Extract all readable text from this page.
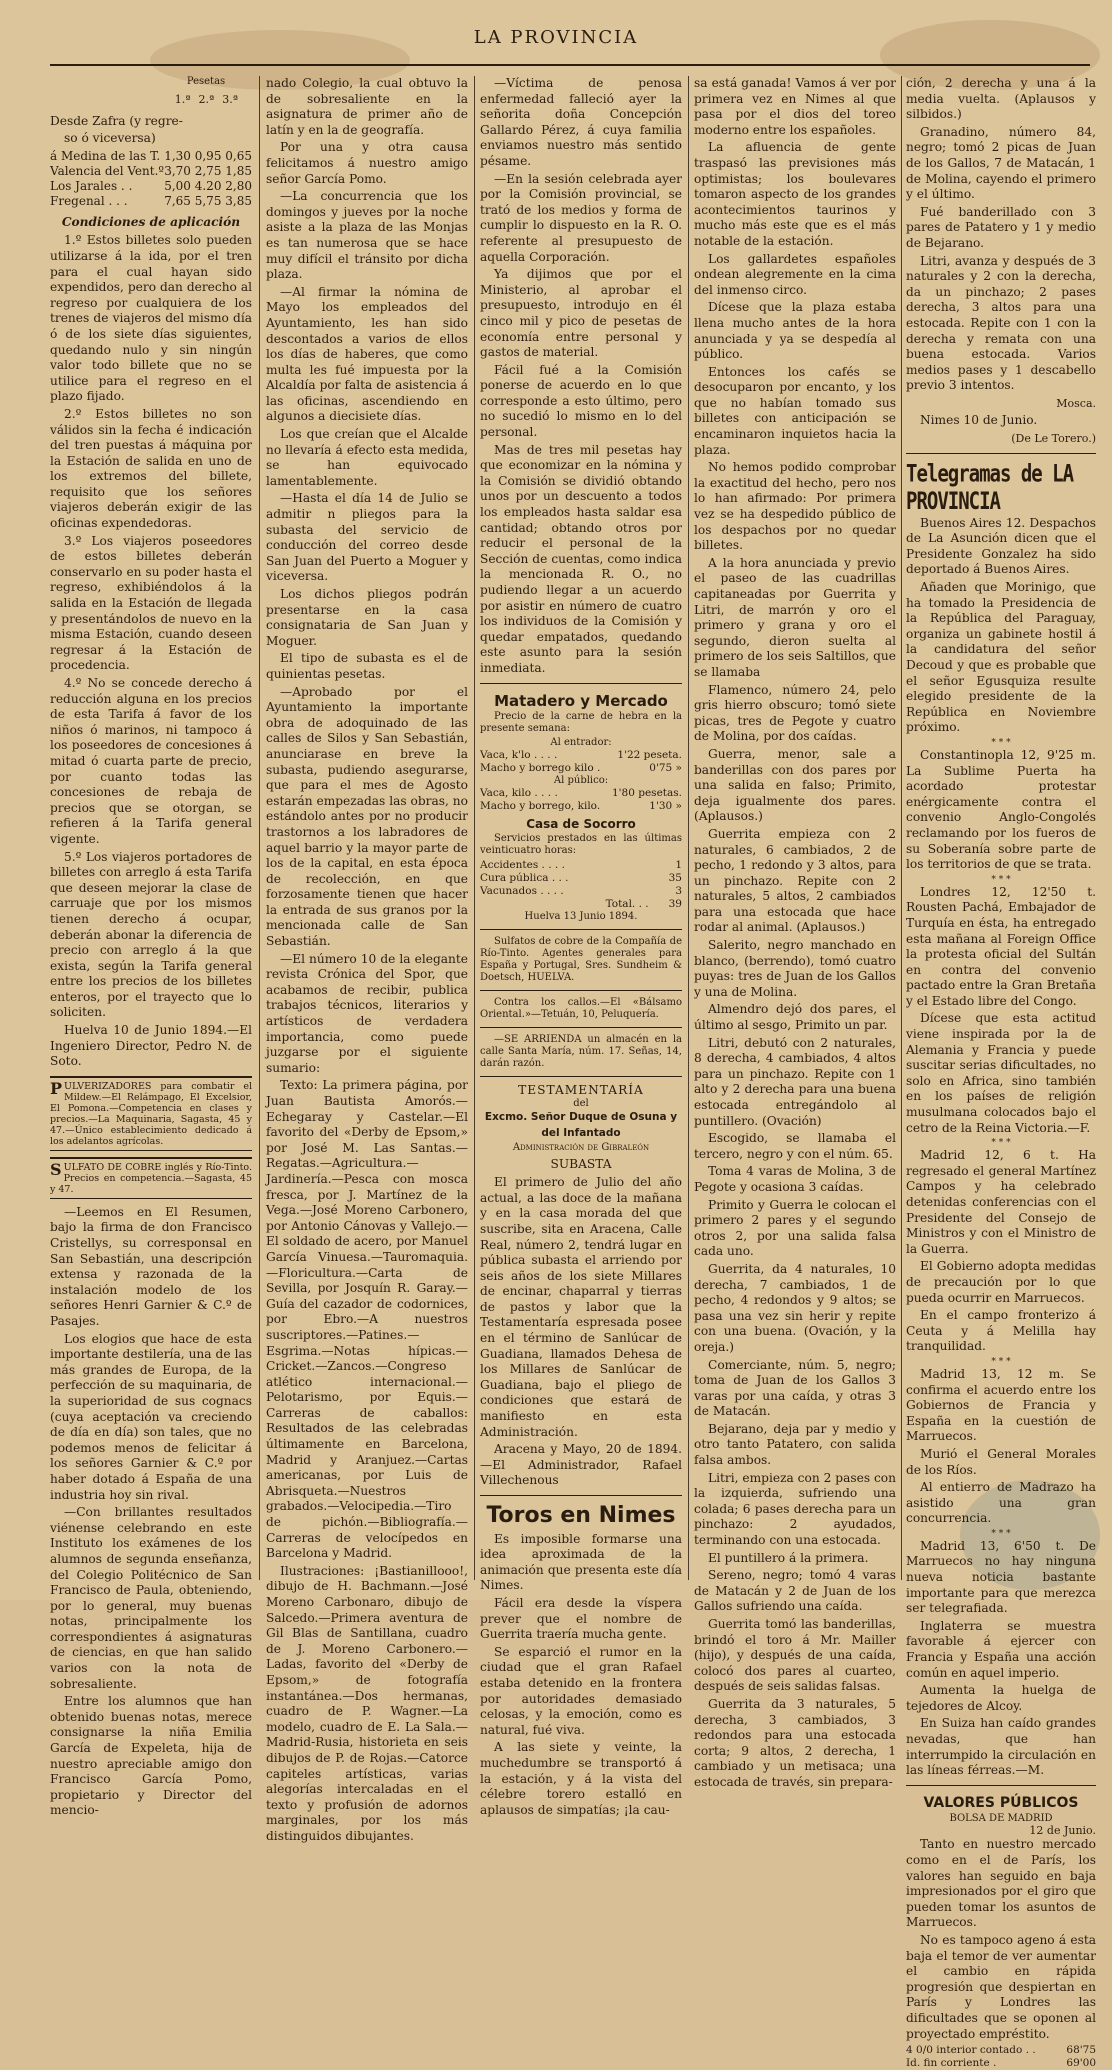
LA PROVINCIA
Pesetas
1.ª 2.ª 3.ª

Desde Zafra (y regre-

so ó viceversa)

á Medina de las T. 1,30 0,95 0,65
Valencia del Vent.º 3,70 2,75 1,85
Los Jarales . .	5,00 4.20 2,80
Fregenal . . .	7,65 5,75 3,85
Condiciones de aplicación

1.º Estos billetes solo pueden utilizarse á la ida, por el tren para el cual hayan sido expendidos, pero dan derecho al regreso por cualquiera de los trenes de viajeros del mismo día ó de los siete días siguientes, quedando nulo y sin ningún valor todo billete que no se utilice para el regreso en el plazo fijado.

2.º Estos billetes no son válidos sin la fecha é indicación del tren puestas á máquina por la Estación de salida en uno de los extremos del billete, requisito que los señores viajeros deberán exigir de las oficinas expendedoras.

3.º Los viajeros poseedores de estos billetes deberán conservarlo en su poder hasta el regreso, exhibiéndolos á la salida en la Estación de llegada y presentándolos de nuevo en la misma Estación, cuando deseen regresar á la Estación de procedencia.

4.º No se concede derecho á reducción alguna en los precios de esta Tarifa á favor de los niños ó marinos, ni tampoco á los poseedores de concesiones á mitad ó cuarta parte de precio, por cuanto todas las concesiones de rebaja de precios que se otorgan, se refieren á la Tarifa general vigente.

5.º Los viajeros portadores de billetes con arreglo á esta Tarifa que deseen mejorar la clase de carruaje que por los mismos tienen derecho á ocupar, deberán abonar la diferencia de precio con arreglo á la que exista, según la Tarifa general entre los precios de los billetes enteros, por el trayecto que lo soliciten.

Huelva 10 de Junio 1894.—El Ingeniero Director, Pedro N. de Soto.

PULVERIZADORES para combatir el Mildew.—El Relámpago, El Excelsior, El Pomona.—Competencia en clases y precios.—La Maquinaria, Sagasta, 45 y 47.—Único establecimiento dedicado á los adelantos agrícolas.
SULFATO DE COBRE inglés y Río-Tinto. Precios en competencia.—Sagasta, 45 y 47.

—Leemos en El Resumen, bajo la firma de don Francisco Cristellys, su corresponsal en San Sebastián, una descripción extensa y razonada de la instalación modelo de los señores Henri Garnier & C.º de Pasajes.

Los elogios que hace de esta importante destilería, una de las más grandes de Europa, de la perfección de su maquinaria, de la superioridad de sus cognacs (cuya aceptación va creciendo de día en día) son tales, que no podemos menos de felicitar á los señores Garnier & C.º por haber dotado á España de una industria hoy sin rival.

—Con brillantes resultados viénense celebrando en este Instituto los exámenes de los alumnos de segunda enseñanza, del Colegio Politécnico de San Francisco de Paula, obteniendo, por lo general, muy buenas notas, principalmente los correspondientes á asignaturas de ciencias, en que han salido varios con la nota de sobresaliente.

Entre los alumnos que han obtenido buenas notas, merece consignarse la niña Emilia García de Expeleta, hija de nuestro apreciable amigo don Francisco García Pomo, propietario y Director del mencio-

nado Colegio, la cual obtuvo la de sobresaliente en la asignatura de primer año de latín y en la de geografía.

Por una y otra causa felicitamos á nuestro amigo señor García Pomo.

—La concurrencia que los domingos y jueves por la noche asiste a la plaza de las Monjas es tan numerosa que se hace muy difícil el tránsito por dicha plaza.

—Al firmar la nómina de Mayo los empleados del Ayuntamiento, les han sido descontados a varios de ellos los días de haberes, que como multa les fué impuesta por la Alcaldía por falta de asistencia á las oficinas, ascendiendo en algunos a diecisiete días.

Los que creían que el Alcalde no llevaría á efecto esta medida, se han equivocado lamentablemente.

—Hasta el día 14 de Julio se admitir n pliegos para la subasta del servicio de conducción del correo desde San Juan del Puerto a Moguer y viceversa.

Los dichos pliegos podrán presentarse en la casa consignataria de San Juan y Moguer.

El tipo de subasta es el de quinientas pesetas.

—Aprobado por el Ayuntamiento la importante obra de adoquinado de las calles de Silos y San Sebastián, anunciarase en breve la subasta, pudiendo asegurarse, que para el mes de Agosto estarán empezadas las obras, no estándolo antes por no producir trastornos a los labradores de aquel barrio y la mayor parte de los de la capital, en esta época de recolección, en que forzosamente tienen que hacer la entrada de sus granos por la mencionada calle de San Sebastián.

—El número 10 de la elegante revista Crónica del Spor, que acabamos de recibir, publica trabajos técnicos, literarios y artísticos de verdadera importancia, como puede juzgarse por el siguiente sumario:

Texto: La primera página, por Juan Bautista Amorós.—Echegaray y Castelar.—El favorito del «Derby de Epsom,» por José M. Las Santas.—Regatas.—Agricultura.—Jardinería.—Pesca con mosca fresca, por J. Martínez de la Vega.—José Moreno Carbonero, por Antonio Cánovas y Vallejo.—El soldado de acero, por Manuel García Vinuesa.—Tauromaquia.—Floricultura.—Carta de Sevilla, por Josquín R. Garay.—Guía del cazador de codornices, por Ebro.—A nuestros suscriptores.—Patines.—Esgrima.—Notas hípicas.—Cricket.—Zancos.—Congreso atlético internacional.—Pelotarismo, por Equis.—Carreras de caballos: Resultados de las celebradas últimamente en Barcelona, Madrid y Aranjuez.—Cartas americanas, por Luis de Abrisqueta.—Nuestros grabados.—Velocipedia.—Tiro de pichón.—Bibliografía.—Carreras de velocípedos en Barcelona y Madrid.

Ilustraciones: ¡Bastianillooo!, dibujo de H. Bachmann.—José Moreno Carbonaro, dibujo de Salcedo.—Primera aventura de Gil Blas de Santillana, cuadro de J. Moreno Carbonero.—Ladas, favorito del «Derby de Epsom,» de fotografía instantánea.—Dos hermanas, cuadro de P. Wagner.—La modelo, cuadro de E. La Sala.—Madrid-Rusia, historieta en seis dibujos de P. de Rojas.—Catorce capiteles artísticas, varias alegorías intercaladas en el texto y profusión de adornos marginales, por los más distinguidos dibujantes.

—Víctima de penosa enfermedad falleció ayer la señorita doña Concepción Gallardo Pérez, á cuya familia enviamos nuestro más sentido pésame.

—En la sesión celebrada ayer por la Comisión provincial, se trató de los medios y forma de cumplir lo dispuesto en la R. O. referente al presupuesto de aquella Corporación.

Ya dijimos que por el Ministerio, al aprobar el presupuesto, introdujo en él cinco mil y pico de pesetas de economía entre personal y gastos de material.

Fácil fué a la Comisión ponerse de acuerdo en lo que corresponde a esto último, pero no sucedió lo mismo en lo del personal.

Mas de tres mil pesetas hay que economizar en la nómina y la Comisión se dividió obtando unos por un descuento a todos los empleados hasta saldar esa cantidad; obtando otros por reducir el personal de la Sección de cuentas, como indica la mencionada R. O., no pudiendo llegar a un acuerdo por asistir en número de cuatro los individuos de la Comisión y quedar empatados, quedando este asunto para la sesión inmediata.

Matadero y Mercado

Precio de la carne de hebra en la presente semana:

Al entrador:
Vaca, k'lo . . . .	1'22 peseta.
Macho y borrego kilo .	0'75 »
Al público:
Vaca, kilo . . . .	1'80 pesetas.
Macho y borrego, kilo.	1'30 »
Casa de Socorro

Servicios prestados en las últimas veinticuatro horas:

Accidentes . . . .	1
Cura pública . . .	35
Vacunados . . . .	3
Total. . . 39
Huelva 13 Junio 1894.

Sulfatos de cobre de la Compañía de Río-Tinto. Agentes generales para España y Portugal, Sres. Sundheim & Doetsch, HUELVA.

Contra los callos.—El «Bálsamo Oriental.»—Tetuán, 10, Peluquería.

—SE ARRIENDA un almacén en la calle Santa María, núm. 17. Señas, 14, darán razón.

TESTAMENTARÍA
del
Excmo. Señor Duque de Osuna y del Infantado
Administración de Gibraleón
SUBASTA

El primero de Julio del año actual, a las doce de la mañana y en la casa morada del que suscribe, sita en Aracena, Calle Real, número 2, tendrá lugar en pública subasta el arriendo por seis años de los siete Millares de encinar, chaparral y tierras de pastos y labor que la Testamentaría espresada posee en el término de Sanlúcar de Guadiana, llamados Dehesa de los Millares de Sanlúcar de Guadiana, bajo el pliego de condiciones que estará de manifiesto en esta Administración.

Aracena y Mayo, 20 de 1894.—El Administrador, Rafael Villechenous

Toros en Nimes

Es imposible formarse una idea aproximada de la animación que presenta este día Nimes.

Fácil era desde la víspera prever que el nombre de Guerrita traería mucha gente.

Se esparció el rumor en la ciudad que el gran Rafael estaba detenido en la frontera por autoridades demasiado celosas, y la emoción, como es natural, fué viva.

A las siete y veinte, la muchedumbre se transportó á la estación, y á la vista del célebre torero estalló en aplausos de simpatías; ¡la cau-

sa está ganada! Vamos á ver por primera vez en Nimes al que pasa por el dios del toreo moderno entre los españoles.

La afluencia de gente traspasó las previsiones más optimistas; los boulevares tomaron aspecto de los grandes acontecimientos taurinos y mucho más este que es el más notable de la estación.

Los gallardetes españoles ondean alegremente en la cima del inmenso circo.

Dícese que la plaza estaba llena mucho antes de la hora anunciada y ya se despedía al público.

Entonces los cafés se desocuparon por encanto, y los que no habían tomado sus billetes con anticipación se encaminaron inquietos hacia la plaza.

No hemos podido comprobar la exactitud del hecho, pero nos lo han afirmado: Por primera vez se ha despedido público de los despachos por no quedar billetes.

A la hora anunciada y previo el paseo de las cuadrillas capitaneadas por Guerrita y Litri, de marrón y oro el primero y grana y oro el segundo, dieron suelta al primero de los seis Saltillos, que se llamaba

Flamenco, número 24, pelo gris hierro obscuro; tomó siete picas, tres de Pegote y cuatro de Molina, por dos caídas.

Guerra, menor, sale a banderillas con dos pares por una salida en falso; Primito, deja igualmente dos pares. (Aplausos.)

Guerrita empieza con 2 naturales, 6 cambiados, 2 de pecho, 1 redondo y 3 altos, para un pinchazo. Repite con 2 naturales, 5 altos, 2 cambiados para una estocada que hace rodar al animal. (Aplausos.)

Salerito, negro manchado en blanco, (berrendo), tomó cuatro puyas: tres de Juan de los Gallos y una de Molina.

Almendro dejó dos pares, el último al sesgo, Primito un par.

Litri, debutó con 2 naturales, 8 derecha, 4 cambiados, 4 altos para un pinchazo. Repite con 1 alto y 2 derecha para una buena estocada entregándolo al puntillero. (Ovación)

Escogido, se llamaba el tercero, negro y con el núm. 65.

Toma 4 varas de Molina, 3 de Pegote y ocasiona 3 caídas.

Primito y Guerra le colocan el primero 2 pares y el segundo otros 2, por una salida falsa cada uno.

Guerrita, da 4 naturales, 10 derecha, 7 cambiados, 1 de pecho, 4 redondos y 9 altos; se pasa una vez sin herir y repite con una buena. (Ovación, y la oreja.)

Comerciante, núm. 5, negro; toma de Juan de los Gallos 3 varas por una caída, y otras 3 de Matacán.

Bejarano, deja par y medio y otro tanto Patatero, con salida falsa ambos.

Litri, empieza con 2 pases con la izquierda, sufriendo una colada; 6 pases derecha para un pinchazo: 2 ayudados, terminando con una estocada.

El puntillero á la primera.

Sereno, negro; tomó 4 varas de Matacán y 2 de Juan de los Gallos sufriendo una caída.

Guerrita tomó las banderillas, brindó el toro á Mr. Mailler (hijo), y después de una caída, colocó dos pares al cuarteo, después de seis salidas falsas.

Guerrita da 3 naturales, 5 derecha, 3 cambiados, 3 redondos para una estocada corta; 9 altos, 2 derecha, 1 cambiado y un metisaca; una estocada de través, sin prepara-

ción, 2 derecha y una á la media vuelta. (Aplausos y silbidos.)

Granadino, número 84, negro; tomó 2 picas de Juan de los Gallos, 7 de Matacán, 1 de Molina, cayendo el primero y el último.

Fué banderillado con 3 pares de Patatero y 1 y medio de Bejarano.

Litri, avanza y después de 3 naturales y 2 con la derecha, da un pinchazo; 2 pases derecha, 3 altos para una estocada. Repite con 1 con la derecha y remata con una buena estocada. Varios medios pases y 1 descabello previo 3 intentos.

Mosca.

Nimes 10 de Junio.

(De Le Torero.)

Telegramas de LA PROVINCIA

Buenos Aires 12. Despachos de La Asunción dicen que el Presidente Gonzalez ha sido deportado á Buenos Aires.

Añaden que Morinigo, que ha tomado la Presidencia de la República del Paraguay, organiza un gabinete hostil á la candidatura del señor Decoud y que es probable que el señor Egusquiza resulte elegido presidente de la República en Noviembre próximo.

* * *

Constantinopla 12, 9'25 m. La Sublime Puerta ha acordado protestar enérgicamente contra el convenio Anglo-Congolés reclamando por los fueros de su Soberanía sobre parte de los territorios de que se trata.

* * *

Londres 12, 12'50 t. Rousten Pachá, Embajador de Turquía en ésta, ha entregado esta mañana al Foreign Office la protesta oficial del Sultán en contra del convenio pactado entre la Gran Bretaña y el Estado libre del Congo.

Dícese que esta actitud viene inspirada por la de Alemania y Francia y puede suscitar serias dificultades, no solo en Africa, sino también en los países de religión musulmana colocados bajo el cetro de la Reina Victoria.—F.

* * *

Madrid 12, 6 t. Ha regresado el general Martínez Campos y ha celebrado detenidas conferencias con el Presidente del Consejo de Ministros y con el Ministro de la Guerra.

El Gobierno adopta medidas de precaución por lo que pueda ocurrir en Marruecos.

En el campo fronterizo á Ceuta y á Melilla hay tranquilidad.

* * *

Madrid 13, 12 m. Se confirma el acuerdo entre los Gobiernos de Francia y España en la cuestión de Marruecos.

Murió el General Morales de los Ríos.

Al entierro de Madrazo ha asistido una gran concurrencia.

* * *

Madrid 13, 6'50 t. De Marruecos no hay ninguna nueva noticia bastante importante para que merezca ser telegrafiada.

Inglaterra se muestra favorable á ejercer con Francia y España una acción común en aquel imperio.

Aumenta la huelga de tejedores de Alcoy.

En Suiza han caído grandes nevadas, que han interrumpido la circulación en las líneas férreas.—M.

VALORES PÚBLICOS
BOLSA DE MADRID
12 de Junio.

Tanto en nuestro mercado como en el de París, los valores han seguido en baja impresionados por el giro que pueden tomar los asuntos de Marruecos.

No es tampoco ageno á esta baja el temor de ver aumentar el cambio en rápida progresión que despiertan en París y Londres las dificultades que se oponen al proyectado empréstito.

4 0/0 interior contado . .	68'75
Id. fin corriente .	69'00
